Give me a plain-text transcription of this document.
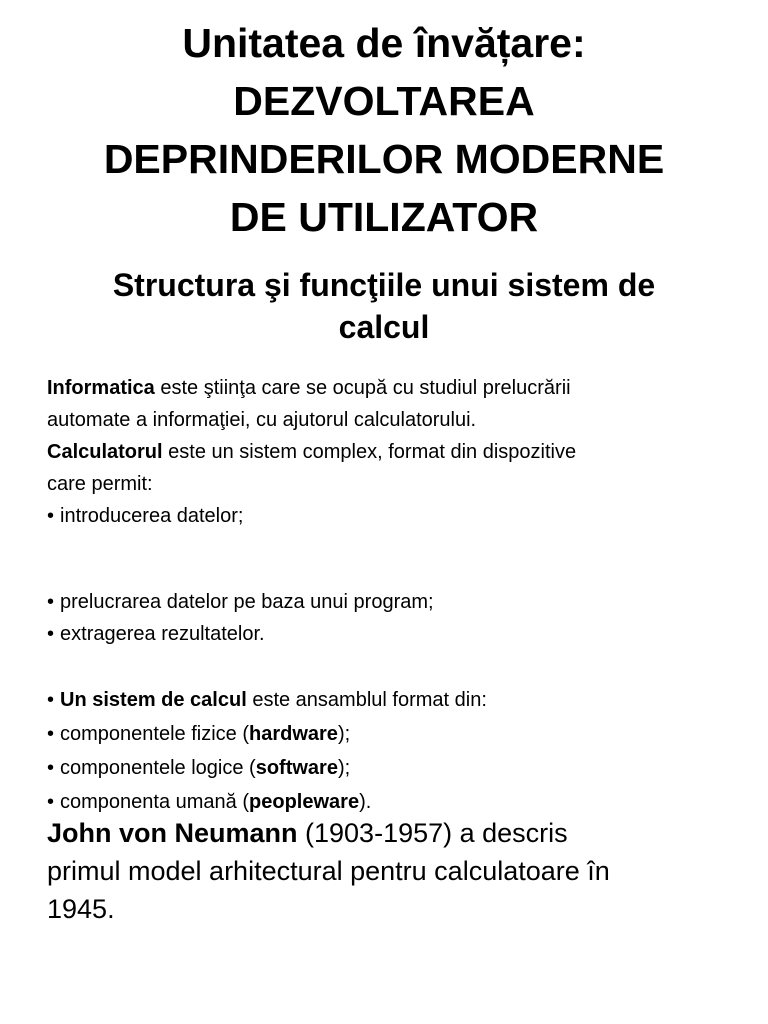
Unitatea de învățare:
DEZVOLTAREA
DEPRINDERILOR MODERNE
DE UTILIZATOR
Structura şi funcţiile unui sistem de
calcul
Informatica este ştiinţa care se ocupă cu studiul prelucrării
automate a informaţiei, cu ajutorul calculatorului.
Calculatorul este un sistem complex, format din dispozitive
care permit:
• introducerea datelor;
• prelucrarea datelor pe baza unui program;
• extragerea rezultatelor.
• Un sistem de calcul este ansamblul format din:
• componentele fizice (hardware);
• componentele logice (software);
• componenta umană (peopleware).
John von Neumann (1903-1957) a descris
primul model arhitectural pentru calculatoare în
1945.
